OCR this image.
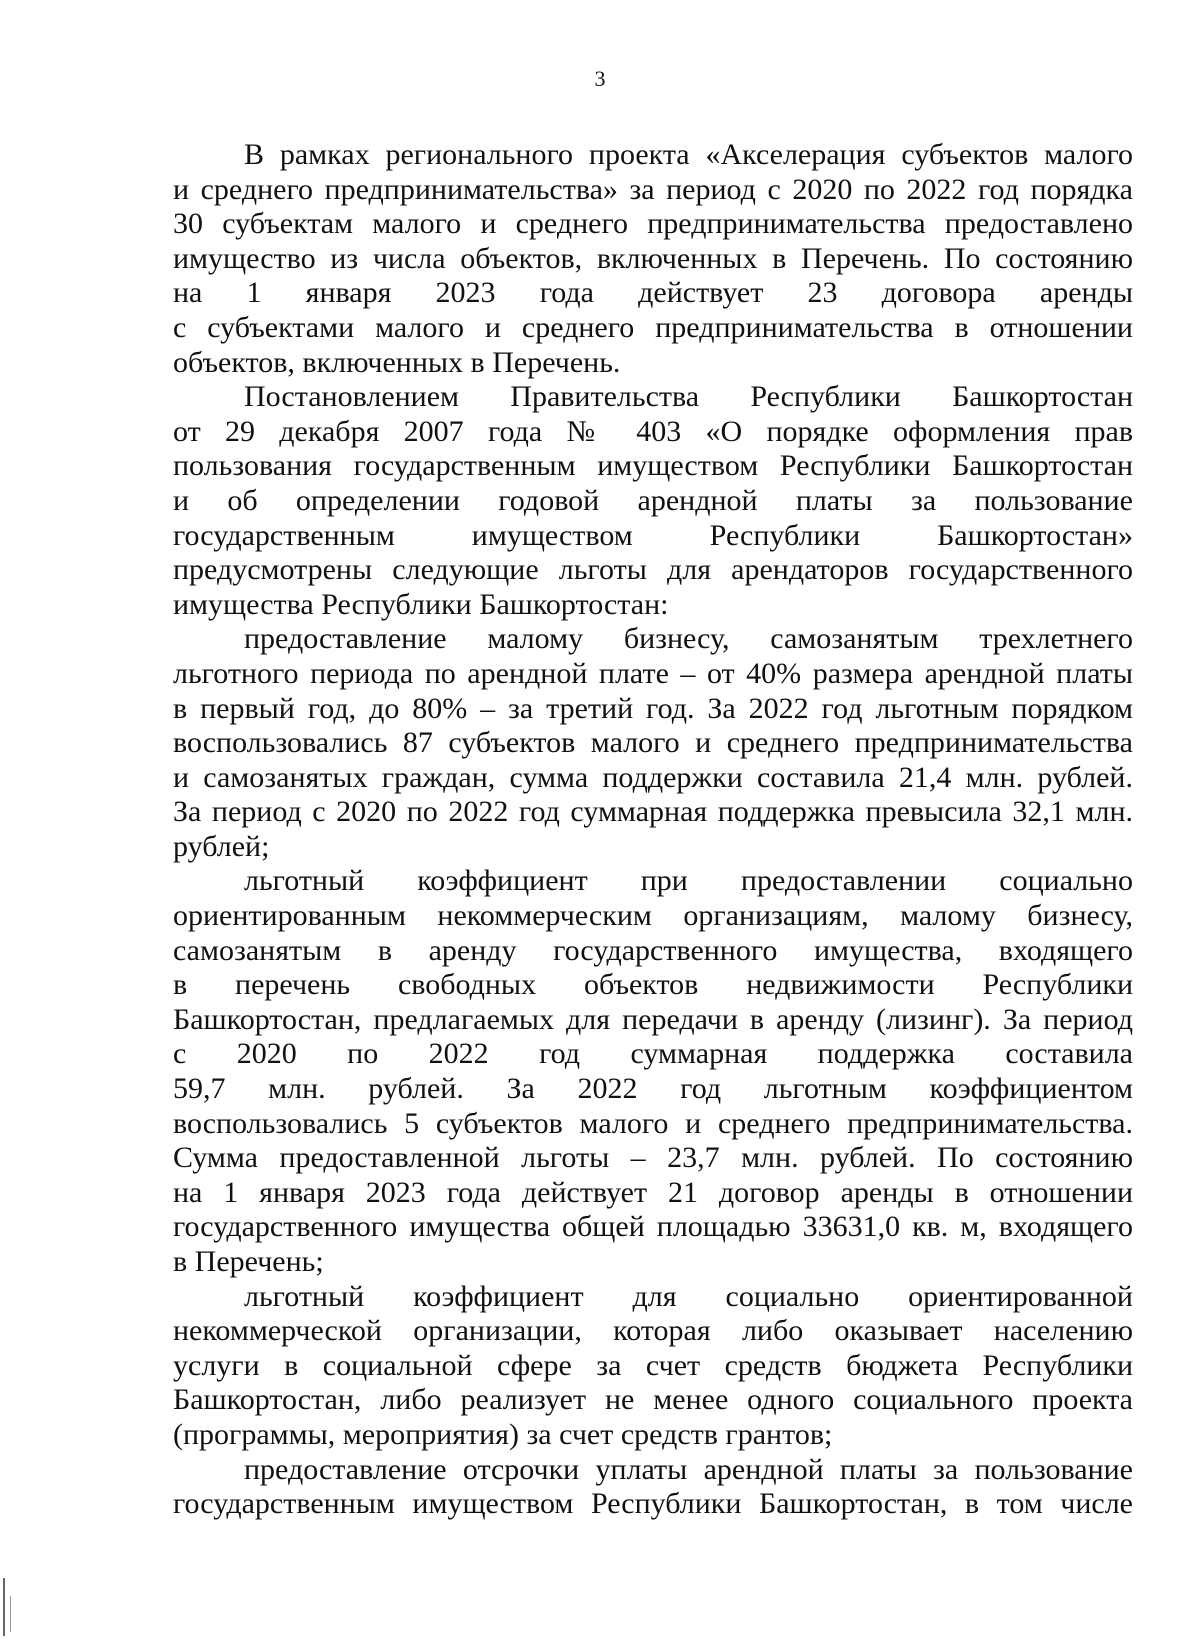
3
В рамках регионального проекта «Акселерация субъектов малого
и среднего предпринимательства» за период с 2020 по 2022 год порядка
30 субъектам малого и среднего предпринимательства предоставлено
имущество из числа объектов, включенных в Перечень. По состоянию
на 1 января 2023 года действует 23 договора аренды
с субъектами малого и среднего предпринимательства в отношении
объектов, включенных в Перечень.
Постановлением Правительства Республики Башкортостан
от 29 декабря 2007 года № 403 «О порядке оформления прав
пользования государственным имуществом Республики Башкортостан
и об определении годовой арендной платы за пользование
государственным имуществом Республики Башкортостан»
предусмотрены следующие льготы для арендаторов государственного
имущества Республики Башкортостан:
предоставление малому бизнесу, самозанятым трехлетнего
льготного периода по арендной плате – от 40% размера арендной платы
в первый год, до 80% – за третий год. За 2022 год льготным порядком
воспользовались 87 субъектов малого и среднего предпринимательства
и самозанятых граждан, сумма поддержки составила 21,4 млн. рублей.
За период с 2020 по 2022 год суммарная поддержка превысила 32,1 млн.
рублей;
льготный коэффициент при предоставлении социально
ориентированным некоммерческим организациям, малому бизнесу,
самозанятым в аренду государственного имущества, входящего
в перечень свободных объектов недвижимости Республики
Башкортостан, предлагаемых для передачи в аренду (лизинг). За период
с 2020 по 2022 год суммарная поддержка составила
59,7 млн. рублей. За 2022 год льготным коэффициентом
воспользовались 5 субъектов малого и среднего предпринимательства.
Сумма предоставленной льготы – 23,7 млн. рублей. По состоянию
на 1 января 2023 года действует 21 договор аренды в отношении
государственного имущества общей площадью 33631,0 кв. м, входящего
в Перечень;
льготный коэффициент для социально ориентированной
некоммерческой организации, которая либо оказывает населению
услуги в социальной сфере за счет средств бюджета Республики
Башкортостан, либо реализует не менее одного социального проекта
(программы, мероприятия) за счет средств грантов;
предоставление отсрочки уплаты арендной платы за пользование
государственным имуществом Республики Башкортостан, в том числе
